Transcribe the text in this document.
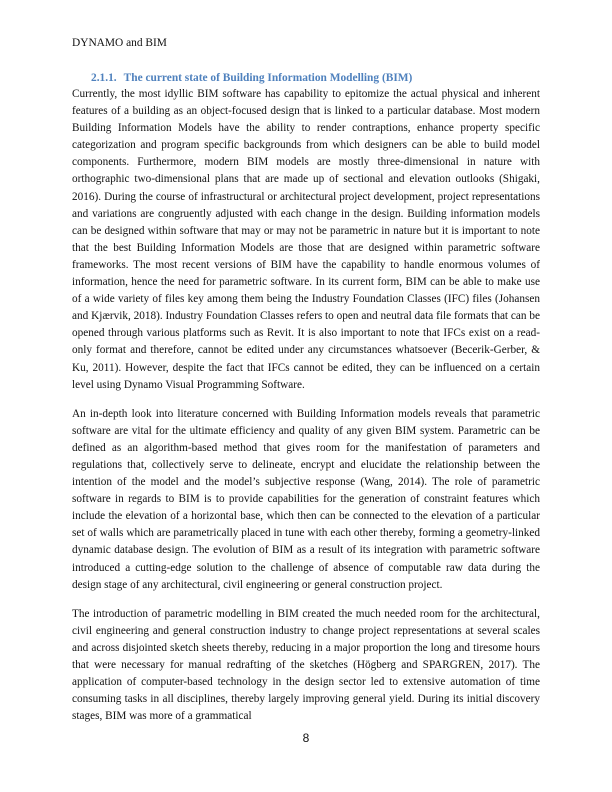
DYNAMO and BIM
2.1.1. The current state of Building Information Modelling (BIM)

Currently, the most idyllic BIM software has capability to epitomize the actual physical and inherent features of a building as an object-focused design that is linked to a particular database. Most modern Building Information Models have the ability to render contraptions, enhance property specific categorization and program specific backgrounds from which designers can be able to build model components. Furthermore, modern BIM models are mostly three-dimensional in nature with orthographic two-dimensional plans that are made up of sectional and elevation outlooks (Shigaki, 2016). During the course of infrastructural or architectural project development, project representations and variations are congruently adjusted with each change in the design. Building information models can be designed within software that may or may not be parametric in nature but it is important to note that the best Building Information Models are those that are designed within parametric software frameworks. The most recent versions of BIM have the capability to handle enormous volumes of information, hence the need for parametric software. In its current form, BIM can be able to make use of a wide variety of files key among them being the Industry Foundation Classes (IFC) files (Johansen and Kjærvik, 2018). Industry Foundation Classes refers to open and neutral data file formats that can be opened through various platforms such as Revit. It is also important to note that IFCs exist on a read-only format and therefore, cannot be edited under any circumstances whatsoever (Becerik-Gerber, & Ku, 2011). However, despite the fact that IFCs cannot be edited, they can be influenced on a certain level using Dynamo Visual Programming Software.

An in-depth look into literature concerned with Building Information models reveals that parametric software are vital for the ultimate efficiency and quality of any given BIM system. Parametric can be defined as an algorithm-based method that gives room for the manifestation of parameters and regulations that, collectively serve to delineate, encrypt and elucidate the relationship between the intention of the model and the model’s subjective response (Wang, 2014). The role of parametric software in regards to BIM is to provide capabilities for the generation of constraint features which include the elevation of a horizontal base, which then can be connected to the elevation of a particular set of walls which are parametrically placed in tune with each other thereby, forming a geometry-linked dynamic database design. The evolution of BIM as a result of its integration with parametric software introduced a cutting-edge solution to the challenge of absence of computable raw data during the design stage of any architectural, civil engineering or general construction project.

The introduction of parametric modelling in BIM created the much needed room for the architectural, civil engineering and general construction industry to change project representations at several scales and across disjointed sketch sheets thereby, reducing in a major proportion the long and tiresome hours that were necessary for manual redrafting of the sketches (Högberg and SPARGREN, 2017). The application of computer-based technology in the design sector led to extensive automation of time consuming tasks in all disciplines, thereby largely improving general yield. During its initial discovery stages, BIM was more of a grammatical

8
